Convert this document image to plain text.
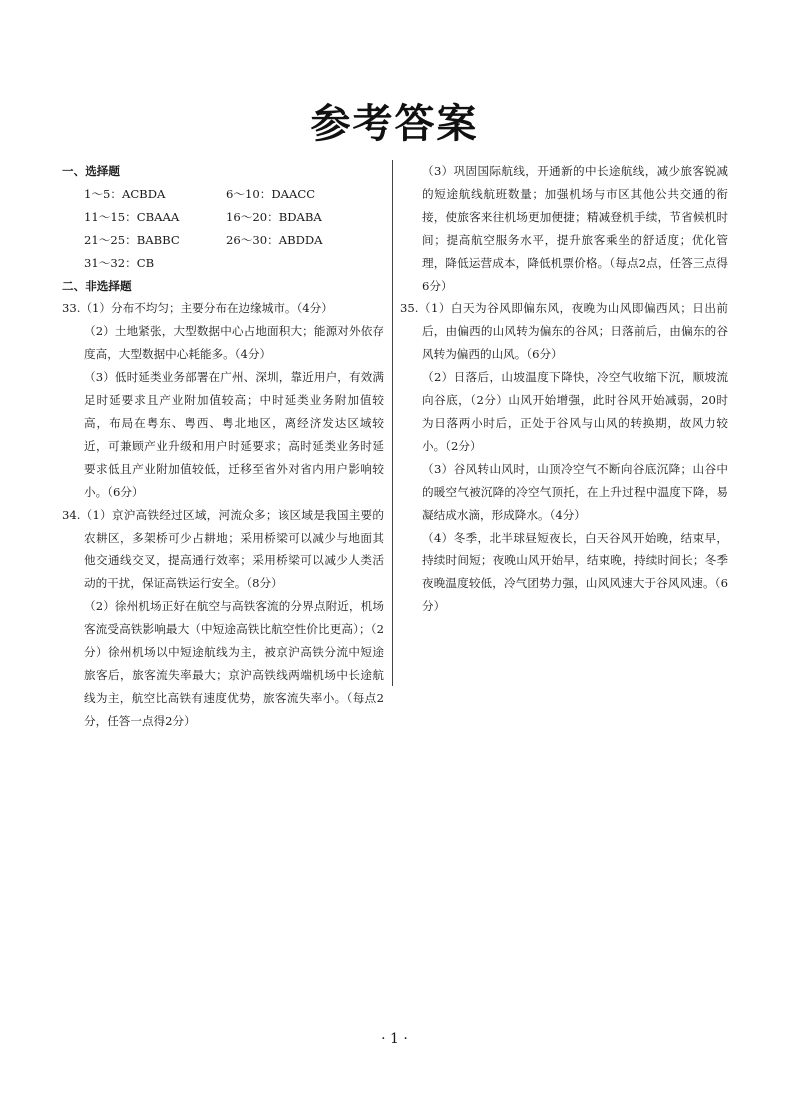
参考答案
一、选择题
1～5：ACBDA	6～10：DAACC
11～15：CBAAA	16～20：BDABA
21～25：BABBC	26～30：ABDDA
31～32：CB
二、非选择题

33.（1）分布不均匀；主要分布在边缘城市。（4分）

（2）土地紧张，大型数据中心占地面积大；能源对外依存度高，大型数据中心耗能多。（4分）

（3）低时延类业务部署在广州、深圳，靠近用户，有效满足时延要求且产业附加值较高；中时延类业务附加值较高，布局在粤东、粤西、粤北地区，离经济发达区域较近，可兼顾产业升级和用户时延要求；高时延类业务时延要求低且产业附加值较低，迁移至省外对省内用户影响较小。（6分）

34.（1）京沪高铁经过区域，河流众多；该区域是我国主要的农耕区，多架桥可少占耕地；采用桥梁可以减少与地面其他交通线交叉，提高通行效率；采用桥梁可以减少人类活动的干扰，保证高铁运行安全。（8分）

（2）徐州机场正好在航空与高铁客流的分界点附近，机场客流受高铁影响最大（中短途高铁比航空性价比更高）；（2分）徐州机场以中短途航线为主，被京沪高铁分流中短途旅客后，旅客流失率最大；京沪高铁线两端机场中长途航线为主，航空比高铁有速度优势，旅客流失率小。（每点2分，任答一点得2分）

（3）巩固国际航线，开通新的中长途航线，减少旅客锐减的短途航线航班数量；加强机场与市区其他公共交通的衔接，使旅客来往机场更加便捷；精减登机手续，节省候机时间；提高航空服务水平，提升旅客乘坐的舒适度；优化管理，降低运营成本，降低机票价格。（每点2点，任答三点得6分）

35.（1）白天为谷风即偏东风，夜晚为山风即偏西风；日出前后，由偏西的山风转为偏东的谷风；日落前后，由偏东的谷风转为偏西的山风。（6分）

（2）日落后，山坡温度下降快，冷空气收缩下沉，顺坡流向谷底，（2分）山风开始增强，此时谷风开始减弱，20时为日落两小时后，正处于谷风与山风的转换期，故风力较小。（2分）

（3）谷风转山风时，山顶冷空气不断向谷底沉降；山谷中的暖空气被沉降的冷空气顶托，在上升过程中温度下降，易凝结成水滴，形成降水。（4分）

（4）冬季，北半球昼短夜长，白天谷风开始晚，结束早，持续时间短；夜晚山风开始早，结束晚，持续时间长；冬季夜晚温度较低，冷气团势力强，山风风速大于谷风风速。（6分）

· 1 ·
